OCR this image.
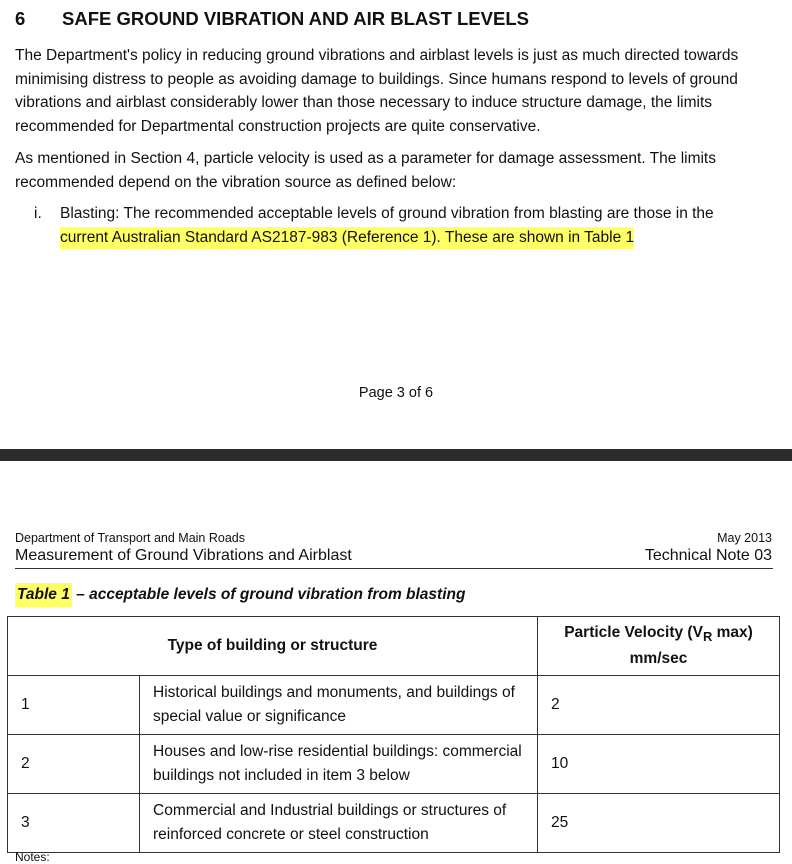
6 SAFE GROUND VIBRATION AND AIR BLAST LEVELS
The Department's policy in reducing ground vibrations and airblast levels is just as much directed towards minimising distress to people as avoiding damage to buildings. Since humans respond to levels of ground vibrations and airblast considerably lower than those necessary to induce structure damage, the limits recommended for Departmental construction projects are quite conservative.
As mentioned in Section 4, particle velocity is used as a parameter for damage assessment. The limits recommended depend on the vibration source as defined below:
i. Blasting: The recommended acceptable levels of ground vibration from blasting are those in the
current Australian Standard AS2187-983 (Reference 1). These are shown in Table 1
Page 3 of 6
Department of Transport and Main Roads	May 2013
Measurement of Ground Vibrations and Airblast	Technical Note 03
Table 1 – acceptable levels of ground vibration from blasting
Type of building or structure		Particle Velocity ($V_R$ max)
mm/sec
1	Historical buildings and monuments, and buildings of special value or significance	2
2	Houses and low-rise residential buildings: commercial buildings not included in item 3 below	10
3	Commercial and Industrial buildings or structures of reinforced concrete or steel construction	25
Notes:
